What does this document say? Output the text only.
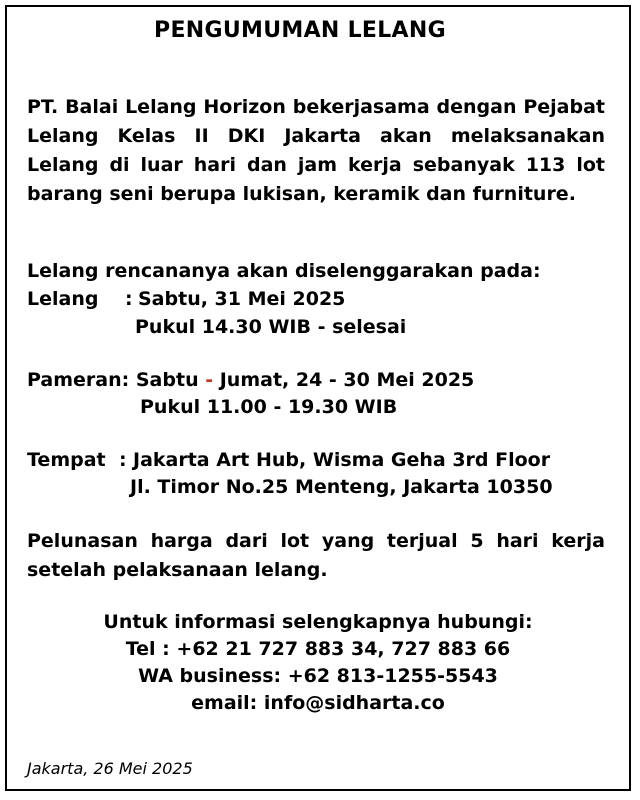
PENGUMUMAN LELANG
PT. Balai Lelang Horizon bekerjasama dengan Pejabat Lelang Kelas II DKI Jakarta akan melaksanakan Lelang di luar hari dan jam kerja sebanyak 113 lot barang seni berupa lukisan, keramik dan furniture.
Lelang rencananya akan diselenggarakan pada:
Lelang : Sabtu, 31 Mei 2025
Pukul 14.30 WIB - selesai
Pameran: Sabtu - Jumat, 24 - 30 Mei 2025
Pukul 11.00 - 19.30 WIB
Tempat : Jakarta Art Hub, Wisma Geha 3rd Floor
Jl. Timor No.25 Menteng, Jakarta 10350
Pelunasan harga dari lot yang terjual 5 hari kerja setelah pelaksanaan lelang.
Untuk informasi selengkapnya hubungi:
Tel : +62 21 727 883 34, 727 883 66
WA business: +62 813-1255-5543
email: info@sidharta.co
Jakarta, 26 Mei 2025
